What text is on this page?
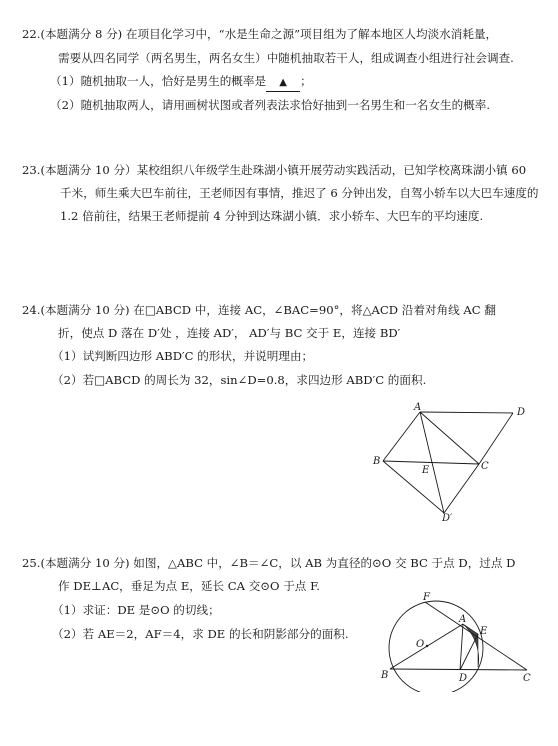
22.(本题满分 8 分) 在项目化学习中，“水是生命之源”项目组为了解本地区人均淡水消耗量，
需要从四名同学（两名男生，两名女生）中随机抽取若干人，组成调查小组进行社会调查.
（1）随机抽取一人，恰好是男生的概率是 ▲ ；
（2）随机抽取两人，请用画树状图或者列表法求恰好抽到一名男生和一名女生的概率.
23.(本题满分 10 分）某校组织八年级学生赴珠湖小镇开展劳动实践活动，已知学校离珠湖小镇 60
千米，师生乘大巴车前往，王老师因有事情，推迟了 6 分钟出发，自驾小轿车以大巴车速度的
1.2 倍前往，结果王老师提前 4 分钟到达珠湖小镇．求小轿车、大巴车的平均速度.
24.(本题满分 10 分) 在□ABCD 中，连接 AC，∠BAC=90°，将△ACD 沿着对角线 AC 翻
折，使点 D 落在 D′处 ，连接 AD′， AD′与 BC 交于 E，连接 BD′
（1）试判断四边形 ABD′C 的形状，并说明理由；
（2）若□ABCD 的周长为 32，sin∠D=0.8，求四边形 ABD′C 的面积.
A	D
B	C
E
D′
25.(本题满分 10 分) 如图，△ABC 中，∠B＝∠C，以 AB 为直径的⊙O 交 BC 于点 D，过点 D
作 DE⊥AC，垂足为点 E，延长 CA 交⊙O 于点 F.
（1）求证：DE 是⊙O 的切线；
（2）若 AE＝2，AF＝4，求 DE 的长和阴影部分的面积.
F
A
E
O
B	D	C
